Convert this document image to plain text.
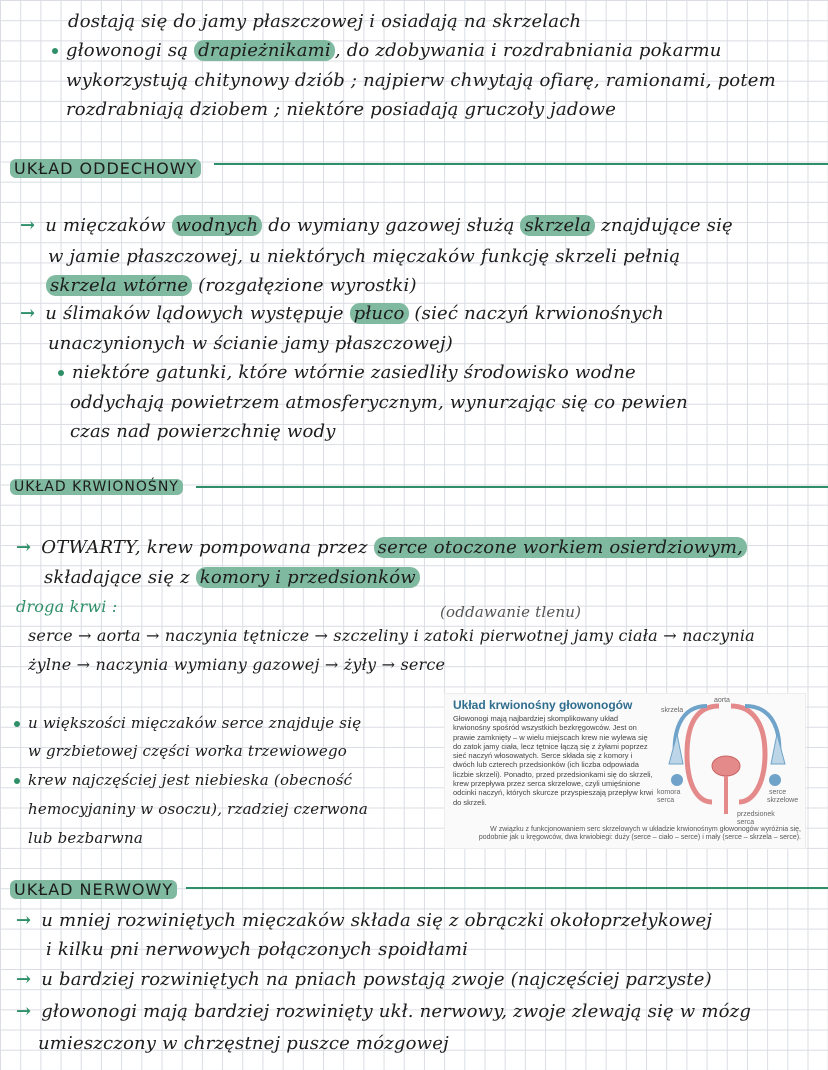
dostają się do jamy płaszczowej i osiadają na skrzelach
głowonogi są drapieżnikami , do zdobywania i rozdrabniania pokarmu
wykorzystują chitynowy dziób ; najpierw chwytają ofiarę, ramionami, potem
rozdrabniają dziobem ; niektóre posiadają gruczoły jadowe
UKŁAD ODDECHOWY
→ u mięczaków wodnych do wymiany gazowej służą skrzela znajdujące się
w jamie płaszczowej, u niektórych mięczaków funkcję skrzeli pełnią
skrzela wtórne (rozgałęzione wyrostki)
→ u ślimaków lądowych występuje płuco (sieć naczyń krwionośnych
unaczynionych w ścianie jamy płaszczowej)
niektóre gatunki, które wtórnie zasiedliły środowisko wodne
oddychają powietrzem atmosferycznym, wynurzając się co pewien
czas nad powierzchnię wody
UKŁAD KRWIONOŚNY
→ OTWARTY, krew pompowana przez serce otoczone workiem osierdziowym,
składające się z komory i przedsionków
droga krwi :	(oddawanie tlenu)
serce → aorta → naczynia tętnicze → szczeliny i zatoki pierwotnej jamy ciała → naczynia
żylne → naczynia wymiany gazowej → żyły → serce
u większości mięczaków serce znajduje się
w grzbietowej części worka trzewiowego
krew najczęściej jest niebieska (obecność
hemocyjaniny w osoczu), rzadziej czerwona
lub bezbarwna
Układ krwionośny głowonogów
Głowonogi mają najbardziej skomplikowany układ krwionośny spośród wszystkich bezkręgowców. Jest on prawie zamknięty – w wielu miejscach krew nie wylewa się do zatok jamy ciała, lecz tętnice łączą się z żyłami poprzez sieć naczyń włosowatych. Serce składa się z komory i dwóch lub czterech przedsionków (ich liczba odpowiada liczbie skrzeli). Ponadto, przed przedsionkami się do skrzeli, krew przepływa przez serca skrzelowe, czyli umięśnione odcinki naczyń, których skurcze przyspieszają przepływ krwi do skrzeli.
aorta
skrzela
komora
serca
serce
skrzelowe
przedsionek
serca
W związku z funkcjonowaniem serc skrzelowych w układzie krwionośnym głowonogów wyróżnia się,
podobnie jak u kręgowców, dwa krwiobiegi: duży (serce – ciało – serce) i mały (serce – skrzela – serce).
UKŁAD NERWOWY
→ u mniej rozwiniętych mięczaków składa się z obrączki okołoprzełykowej
i kilku pni nerwowych połączonych spoidłami
→ u bardziej rozwiniętych na pniach powstają zwoje (najczęściej parzyste)
→ głowonogi mają bardziej rozwinięty ukł. nerwowy, zwoje zlewają się w mózg
umieszczony w chrzęstnej puszce mózgowej
